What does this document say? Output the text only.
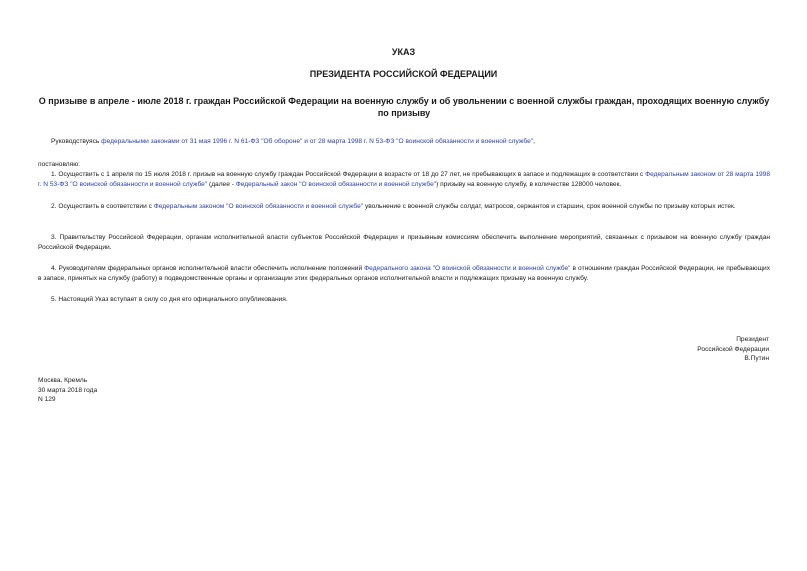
УКАЗ
ПРЕЗИДЕНТА РОССИЙСКОЙ ФЕДЕРАЦИИ
О призыве в апреле - июле 2018 г. граждан Российской Федерации на военную службу и об увольнении с военной службы граждан, проходящих военную службу по призыву
Руководствуясь федеральными законами от 31 мая 1996 г. N 61-ФЗ "Об обороне" и от 28 марта 1998 г. N 53-ФЗ "О воинской обязанности и военной службе",
постановляю:
1. Осуществить с 1 апреля по 15 июля 2018 г. призыв на военную службу граждан Российской Федерации в возрасте от 18 до 27 лет, не пребывающих в запасе и подлежащих в соответствии с Федеральным законом от 28 марта 1998 г. N 53-ФЗ "О воинской обязанности и военной службе" (далее - Федеральный закон "О воинской обязанности и военной службе") призыву на военную службу, в количестве 128000 человек.
2. Осуществить в соответствии с Федеральным законом "О воинской обязанности и военной службе" увольнение с военной службы солдат, матросов, сержантов и старшин, срок военной службы по призыву которых истек.
3. Правительству Российской Федерации, органам исполнительной власти субъектов Российской Федерации и призывным комиссиям обеспечить выполнение мероприятий, связанных с призывом на военную службу граждан Российской Федерации.
4. Руководителям федеральных органов исполнительной власти обеспечить исполнение положений Федерального закона "О воинской обязанности и военной службе" в отношении граждан Российской Федерации, не пребывающих в запасе, принятых на службу (работу) в подведомственные органы и организации этих федеральных органов исполнительной власти и подлежащих призыву на военную службу.
5. Настоящий Указ вступает в силу со дня его официального опубликования.
Президент
Российской Федерации
В.Путин
Москва, Кремль
30 марта 2018 года
N 129
